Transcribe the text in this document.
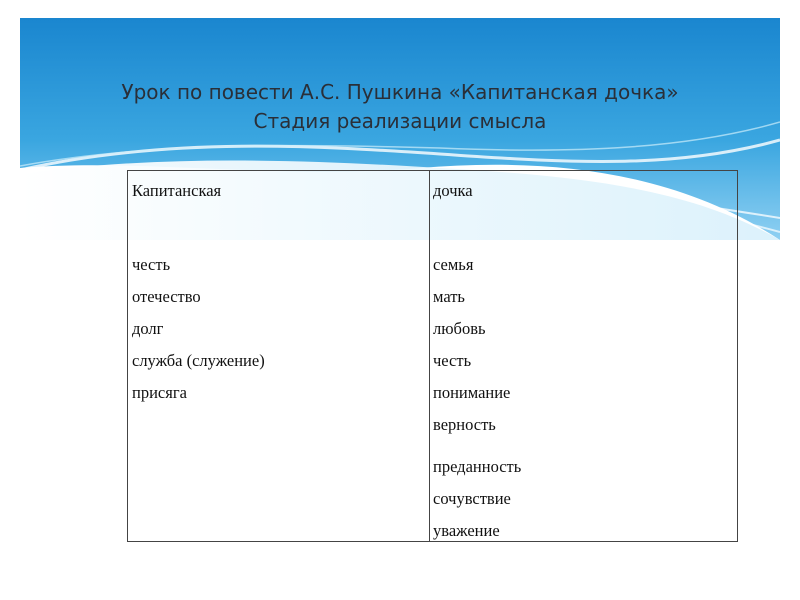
Урок по повести А.С. Пушкина «Капитанская дочка»
Стадия реализации смысла
Капитанская
честь
отечество
долг
служба (служение)
присяга
дочка
семья
мать
любовь
честь
понимание
верность
преданность
сочувствие
уважение
